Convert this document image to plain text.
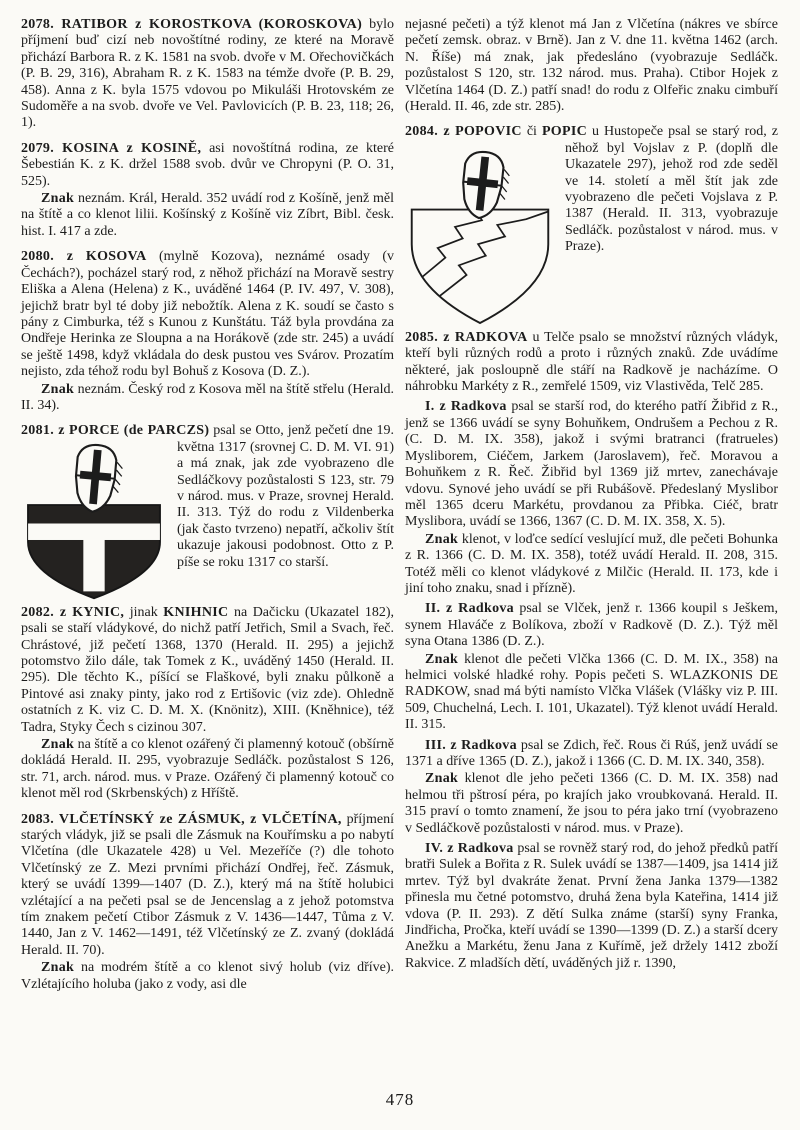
2078. RATIBOR z KOROSTKOVA (KOROSKOVA) bylo příjmení buď cizí neb novoštítné rodiny, ze které na Moravě přichází Barbora R. z K. 1581 na svob. dvoře v M. Ořechovičkách (P. B. 29, 316), Abraham R. z K. 1583 na témže dvoře (P. B. 29, 458). Anna z K. byla 1575 vdovou po Mikuláši Hrotovském ze Sudoměře a na svob. dvoře ve Vel. Pavlovicích (P. B. 23, 118; 26, 1).

2079. KOSINA z KOSINĚ, asi novoštítná rodina, ze které Šebestián K. z K. držel 1588 svob. dvůr ve Chropyni (P. O. 31, 525).

Znak neznám. Král, Herald. 352 uvádí rod z Košíně, jenž měl na štítě a co klenot lilii. Košínský z Košíně viz Zíbrt, Bibl. česk. hist. I. 417 a zde.

2080. z KOSOVA (mylně Kozova), neznámé osady (v Čechách?), pocházel starý rod, z něhož přichází na Moravě sestry Eliška a Alena (Helena) z K., uváděné 1464 (P. IV. 497, V. 308), jejichž bratr byl té doby již nebožtík. Alena z K. soudí se často s pány z Cimburka, též s Kunou z Kunštátu. Táž byla provdána za Ondřeje Herinka ze Sloupna a na Horákově (zde str. 245) a uvádí se ještě 1498, když vkládala do desk pustou ves Svárov. Prozatím nejisto, zda téhož rodu byl Bohuš z Kosova (D. Z.).

Znak neznám. Český rod z Kosova měl na štítě střelu (Herald. II. 34).

2081. z PORCE (de PARCZS) psal se Otto, jenž pečetí dne 19. května 1317 (srovnej C. D. M. VI. 91) a má znak, jak zde vyobrazeno dle Sedláčkovy pozůstalosti S 123, str. 79 v národ. mus. v Praze, srovnej Herald. II. 313. Týž do rodu z Vildenberka (jak často tvrzeno) nepatří, ačkoliv štít ukazuje jakousi podobnost. Otto z P. píše se roku 1317 co starší.

2082. z KYNIC, jinak KNIHNIC na Dačicku (Ukazatel 182), psali se staří vládykové, do nichž patří Jetřich, Smil a Svach, řeč. Chrástové, již pečetí 1368, 1370 (Herald. II. 295) a jejichž potomstvo žilo dále, tak Tomek z K., uváděný 1450 (Herald. II. 295). Dle těchto K., píšící se Flaškové, byli znaku půlkoně a Pintové asi znaky pinty, jako rod z Ertišovic (viz zde). Ohledně ostatních z K. viz C. D. M. X. (Knönitz), XIII. (Kněhnice), též Tadra, Styky Čech s cizinou 307.

Znak na štítě a co klenot ozářený či plamenný kotouč (obšírně dokládá Herald. II. 295, vyobrazuje Sedláčk. pozůstalost S 126, str. 71, arch. národ. mus. v Praze. Ozářený či plamenný kotouč co klenot měl rod (Skrbenských) z Hříště.

2083. VLČETÍNSKÝ ze ZÁSMUK, z VLČETÍNA, příjmení starých vládyk, již se psali dle Zásmuk na Kouřímsku a po nabytí Vlčetína (dle Ukazatele 428) u Vel. Mezeříče (?) dle tohoto Vlčetínský ze Z. Mezi prvními přichází Ondřej, řeč. Zásmuk, který se uvádí 1399—1407 (D. Z.), který má na štítě holubici vzlétající a na pečeti psal se de Jencenslag a z jehož potomstva tím znakem pečetí Ctibor Zásmuk z V. 1436—1447, Tůma z V. 1440, Jan z V. 1462—1491, též Vlčetínský ze Z. zvaný (dokládá Herald. II. 70).

Znak na modrém štítě a co klenot sivý holub (viz dříve). Vzlétajícího holuba (jako z vody, asi dle

nejasné pečeti) a týž klenot má Jan z Vlčetína (nákres ve sbírce pečetí zemsk. obraz. v Brně). Jan z V. dne 11. května 1462 (arch. N. Říše) má znak, jak předesláno (vyobrazuje Sedláčk. pozůstalost S 120, str. 132 národ. mus. Praha). Ctibor Hojek z Vlčetína 1464 (D. Z.) patří snad! do rodu z Olfeřic znaku cimbuří (Herald. II. 46, zde str. 285).

2084. z POPOVIC či POPIC u Hustopeče psal se starý rod, z něhož byl Vojslav z P. (doplň dle Ukazatele 297), jehož rod zde seděl ve 14. století a měl štít jak zde vyobrazeno dle pečeti Vojslava z P. 1387 (Herald. II. 313, vyobrazuje Sedláčk. pozůstalost v národ. mus. v Praze).

2085. z RADKOVA u Telče psalo se množství různých vládyk, kteří byli různých rodů a proto i různých znaků. Zde uvádíme některé, jak posloupně dle stáří na Radkově je nacházíme. O náhrobku Markéty z R., zemřelé 1509, viz Vlastivěda, Telč 285.

I. z Radkova psal se starší rod, do kterého patří Žibřid z R., jenž se 1366 uvádí se syny Bohuňkem, Ondrušem a Pechou z R. (C. D. M. IX. 358), jakož i svými bratranci (fratrueles) Mysliborem, Ciéčem, Jarkem (Jaroslavem), řeč. Moravou a Bohuňkem z R. Řeč. Žibřid byl 1369 již mrtev, zanechávaje vdovu. Synové jeho uvádí se při Rubášově. Předeslaný Myslibor měl 1365 dceru Markétu, provdanou za Přibka. Ciéč, bratr Myslibora, uvádí se 1366, 1367 (C. D. M. IX. 358, X. 5).

Znak klenot, v loďce sedící veslující muž, dle pečeti Bohunka z R. 1366 (C. D. M. IX. 358), totéž uvádí Herald. II. 208, 315. Totéž měli co klenot vládykové z Milčic (Herald. II. 173, kde i jiní toho znaku, snad i přízně).

II. z Radkova psal se Vlček, jenž r. 1366 koupil s Ješkem, synem Hlaváče z Bolíkova, zboží v Radkově (D. Z.). Týž měl syna Otana 1386 (D. Z.).

Znak klenot dle pečeti Vlčka 1366 (C. D. M. IX., 358) na helmici volské hladké rohy. Popis pečeti S. WLAZKONIS DE RADKOW, snad má býti namísto Vlčka Vlášek (Vlášky viz P. III. 509, Chuchelná, Lech. I. 101, Ukazatel). Týž klenot uvádí Herald. II. 315.

III. z Radkova psal se Zdich, řeč. Rous či Rúš, jenž uvádí se 1371 a dříve 1365 (D. Z.), jakož i 1366 (C. D. M. IX. 340, 358).

Znak klenot dle jeho pečeti 1366 (C. D. M. IX. 358) nad helmou tři pštrosí péra, po krajích jako vroubkovaná. Herald. II. 315 praví o tomto znamení, že jsou to péra jako trní (vyobrazeno v Sedláčkově pozůstalosti v národ. mus. v Praze).

IV. z Radkova psal se rovněž starý rod, do jehož předků patří bratři Sulek a Bořita z R. Sulek uvádí se 1387—1409, jsa 1414 již mrtev. Týž byl dvakráte ženat. První žena Janka 1379—1382 přinesla mu četné potomstvo, druhá žena byla Kateřina, 1414 již vdova (P. II. 293). Z dětí Sulka známe (starší) syny Franka, Jindřicha, Pročka, kteří uvádí se 1390—1399 (D. Z.) a starší dcery Anežku a Markétu, ženu Jana z Kuřímě, jež držely 1412 zboží Rakvice. Z mladších dětí, uváděných již r. 1390,

478
